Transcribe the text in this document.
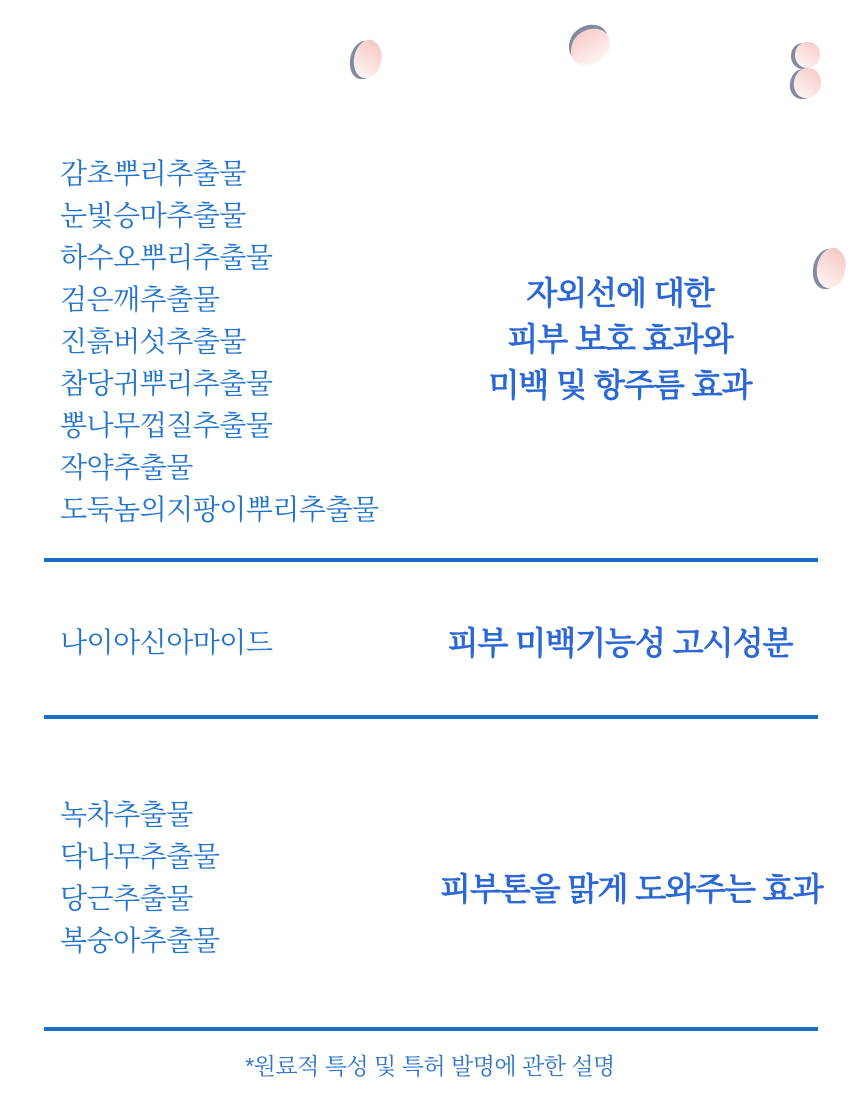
감초뿌리추출물
눈빛승마추출물
하수오뿌리추출물
검은깨추출물
진흙버섯추출물
참당귀뿌리추출물
뽕나무껍질추출물
작약추출물
도둑놈의지팡이뿌리추출물
자외선에 대한
피부 보호 효과와
미백 및 항주름 효과
나이아신아마이드	피부 미백기능성 고시성분
녹차추출물
닥나무추출물
당근추출물
복숭아추출물
피부톤을 맑게 도와주는 효과
*원료적 특성 및 특허 발명에 관한 설명
